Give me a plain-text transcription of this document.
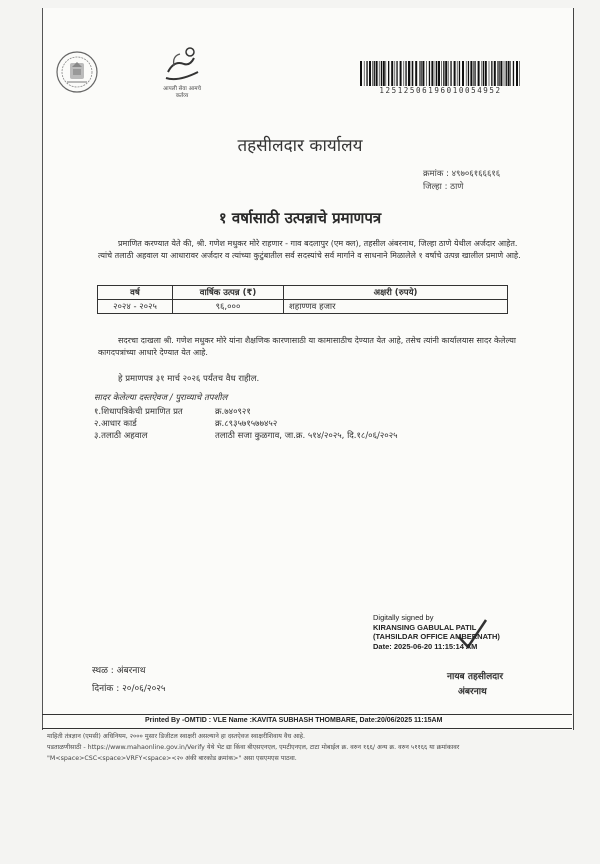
आपली सेवा आमचे कर्तव्य
125125061960100549​52
तहसीलदार कार्यालय
क्रमांक : ४९७०६१६६६१६
जिल्हा : ठाणे
१ वर्षासाठी उत्पन्नाचे प्रमाणपत्र
प्रमाणित करण्यात येते की, श्री. गणेश मधुकर मोरे राहणार - गाव बदलापुर (एम क्ल), तहसील अंबरनाथ, जिल्हा ठाणे येथील अर्जदार आहेत. त्यांचे तलाठी अहवाल या आधारावर अर्जदार व त्यांच्या कुटुंबातील सर्व सदस्यांचे सर्व मार्गाने व साधनाने मिळालेले १ वर्षाचे उत्पन्न खालील प्रमाणे आहे.
वर्ष	वार्षिक उत्पन्न (₹)	अक्षरी (रुपये)
२०२४ - २०२५	९६,०००	शहाण्णव हजार
सदरचा दाखला श्री. गणेश मधुकर मोरे यांना शैक्षणिक कारणासाठी या कामासाठीच देण्यात येत आहे, तसेच त्यांनी कार्यालयास सादर केलेल्या कागदपत्रांच्या आधारे देण्यात येत आहे.
हे प्रमाणपत्र ३१ मार्च २०२६ पर्यंतच वैध राहील.
सादर केलेल्या दस्तऐवज / पुराव्याचे तपशील
१.शिधापत्रिकेची प्रमाणित प्रत	क्र.७४०९२१
२.आधार कार्ड	क्र.८९३५७१५७७४५२
३.तलाठी अहवाल	तलाठी सजा कुळगाव, जा.क्र. ५१४/२०२५, दि.१८/०६/२०२५
Digitally signed by
KIRANSING GABULAL PATIL
(TAHSILDAR OFFICE AMBERNATH)
Date: 2025-06-20 11:15:14 AM
स्थळ : अंबरनाथ
दिनांक : २०/०६/२०२५
नायब तहसीलदार
अंबरनाथ
Printed By -OMTID : VLE Name :KAVITA SUBHASH THOMBARE, Date:20/06/2025 11:15AM
माहिती तंत्रज्ञान (एमसी) अधिनियम, २००० मुसार डिजीटल स्वाक्षरी असल्याने हा दस्तऐवज स्वाक्षरीशिवाय वैध आहे.
पडताळणीसाठी - https://www.mahaonline.gov.in/Verify येथे भेट द्या किंवा बीएसएनएल, एमटीएनएल, टाटा मोबाईल क्र. वरुन १६६/ अन्य क्र. वरुन ५११६६ या क्रमांकावर
"M<space>CSC<space>VRFY<space><२० अंकी बारकोड क्रमांक>" असा एसएमएस पाठवा.
